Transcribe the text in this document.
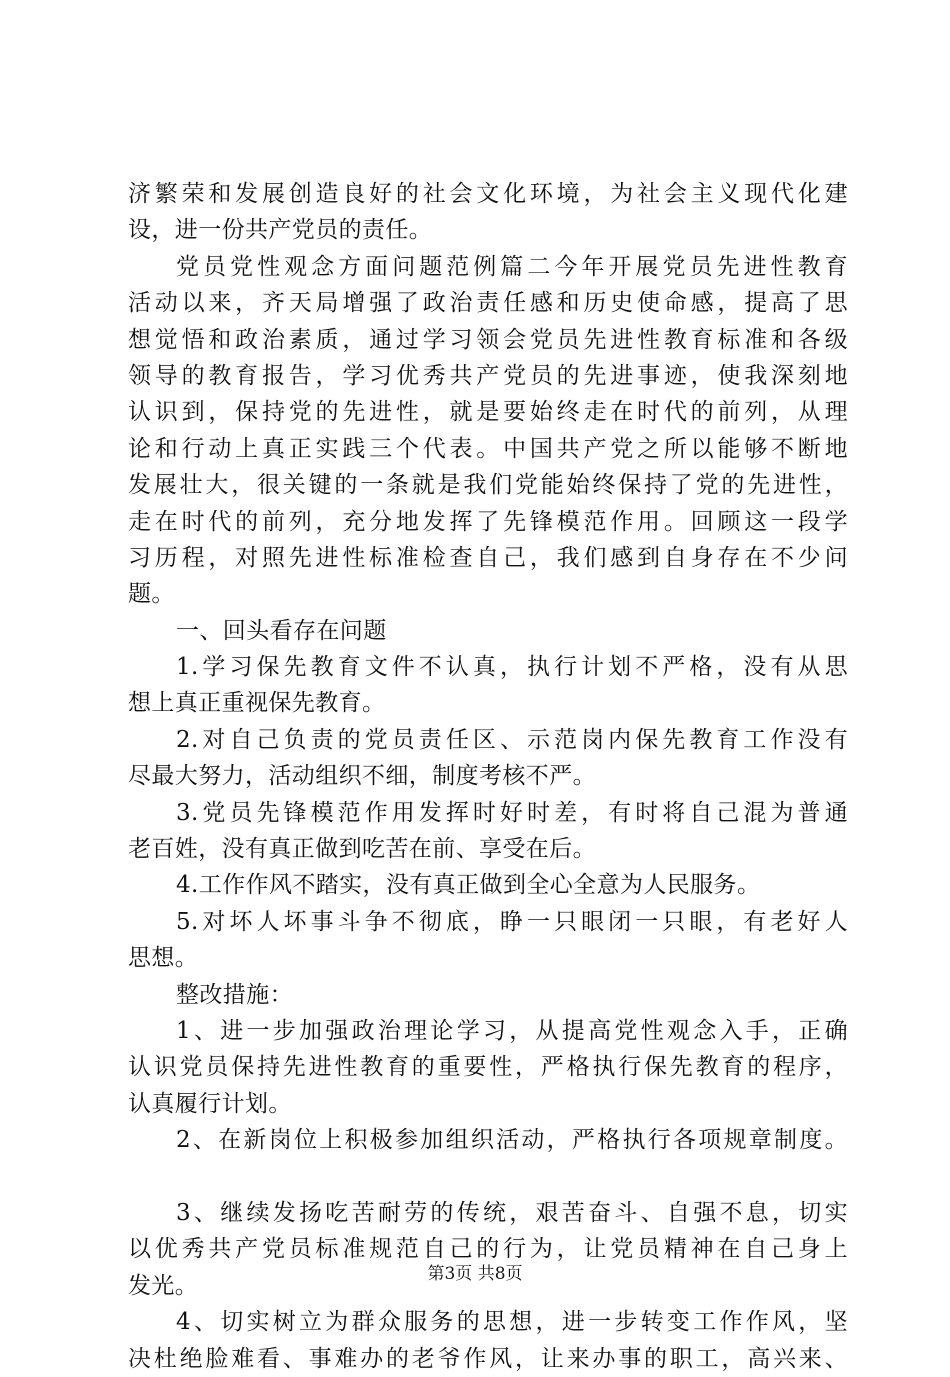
济繁荣和发展创造良好的社会文化环境，为社会主义现代化建
设，进一份共产党员的责任。
党员党性观念方面问题范例篇二今年开展党员先进性教育
活动以来，齐天局增强了政治责任感和历史使命感，提高了思
想觉悟和政治素质，通过学习领会党员先进性教育标准和各级
领导的教育报告，学习优秀共产党员的先进事迹，使我深刻地
认识到，保持党的先进性，就是要始终走在时代的前列，从理
论和行动上真正实践三个代表。中国共产党之所以能够不断地
发展壮大，很关键的一条就是我们党能始终保持了党的先进性，
走在时代的前列，充分地发挥了先锋模范作用。回顾这一段学
习历程，对照先进性标准检查自己，我们感到自身存在不少问
题。
一、回头看存在问题
1.学习保先教育文件不认真，执行计划不严格，没有从思
想上真正重视保先教育。
2.对自己负责的党员责任区、示范岗内保先教育工作没有
尽最大努力，活动组织不细，制度考核不严。
3.党员先锋模范作用发挥时好时差，有时将自己混为普通
老百姓，没有真正做到吃苦在前、享受在后。
4.工作作风不踏实，没有真正做到全心全意为人民服务。
5.对坏人坏事斗争不彻底，睁一只眼闭一只眼，有老好人
思想。
整改措施：
1、进一步加强政治理论学习，从提高党性观念入手，正确
认识党员保持先进性教育的重要性，严格执行保先教育的程序，
认真履行计划。
2、在新岗位上积极参加组织活动，严格执行各项规章制度。
3、继续发扬吃苦耐劳的传统，艰苦奋斗、自强不息，切实
以优秀共产党员标准规范自己的行为，让党员精神在自己身上
发光。
4、切实树立为群众服务的思想，进一步转变工作作风，坚
决杜绝脸难看、事难办的老爷作风，让来办事的职工，高兴来、
第3页 共8页
